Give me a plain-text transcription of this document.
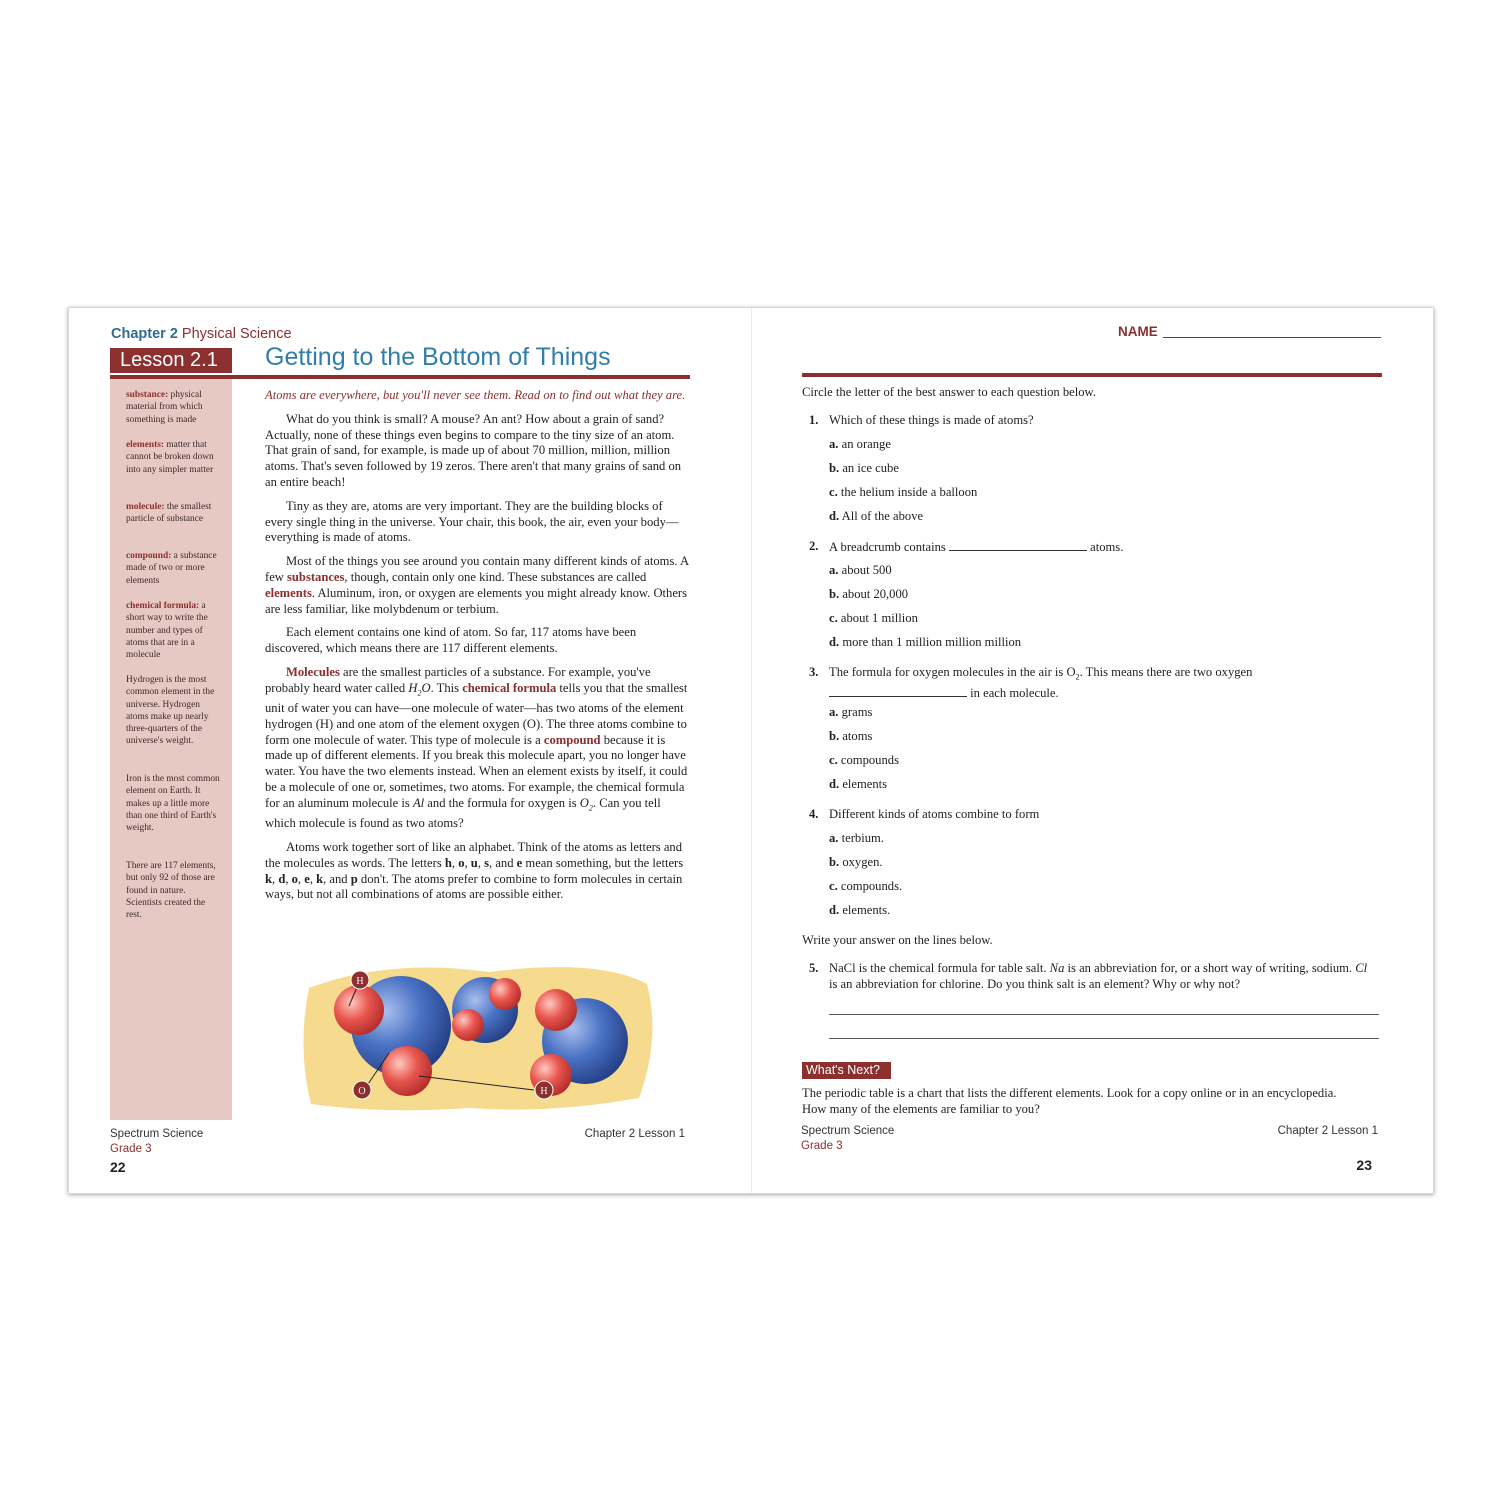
Chapter 2 Physical Science
Lesson 2.1	Getting to the Bottom of Things
substance: physical material from which something is made
elements: matter that cannot be broken down into any simpler matter
molecule: the smallest particle of substance
compound: a substance made of two or more elements
chemical formula: a short way to write the number and types of atoms that are in a molecule
Hydrogen is the most common element in the universe. Hydrogen atoms make up nearly three-quarters of the universe's weight.
Iron is the most common element on Earth. It makes up a little more than one third of Earth's weight.
There are 117 elements, but only 92 of those are found in nature. Scientists created the rest.

Atoms are everywhere, but you'll never see them. Read on to find out what they are.

What do you think is small? A mouse? An ant? How about a grain of sand? Actually, none of these things even begins to compare to the tiny size of an atom. That grain of sand, for example, is made up of about 70 million, million, million atoms. That's seven followed by 19 zeros. There aren't that many grains of sand on an entire beach!

Tiny as they are, atoms are very important. They are the building blocks of every single thing in the universe. Your chair, this book, the air, even your body—everything is made of atoms.

Most of the things you see around you contain many different kinds of atoms. A few substances, though, contain only one kind. These substances are called elements. Aluminum, iron, or oxygen are elements you might already know. Others are less familiar, like molybdenum or terbium.

Each element contains one kind of atom. So far, 117 atoms have been discovered, which means there are 117 different elements.

Molecules are the smallest particles of a substance. For example, you've probably heard water called $H_2O$. This chemical formula tells you that the smallest unit of water you can have—one molecule of water—has two atoms of the element hydrogen (H) and one atom of the element oxygen (O). The three atoms combine to form one molecule of water. This type of molecule is a compound because it is made up of different elements. If you break this molecule apart, you no longer have water. You have the two elements instead. When an element exists by itself, it could be a molecule of one or, sometimes, two atoms. For example, the chemical formula for an aluminum molecule is Al and the formula for oxygen is $O_2$. Can you tell which molecule is found as two atoms?

Atoms work together sort of like an alphabet. Think of the atoms as letters and the molecules as words. The letters h, o, u, s, and e mean something, but the letters k, d, o, e, k, and p don't. The atoms prefer to combine to form molecules in certain ways, but not all combinations of atoms are possible either.

H
O	H
Spectrum Science
Grade 3
22
Chapter 2 Lesson 1
NAME
Circle the letter of the best answer to each question below.
1. Which of these things is made of atoms?
a. an orange
b. an ice cube
c. the helium inside a balloon
d. All of the above
2. A breadcrumb contains	atoms.
a. about 500
b. about 20,000
c. about 1 million
d. more than 1 million million million
3. The formula for oxygen molecules in the air is $O_2$. This means there are two oxygen
in each molecule.
a. grams
b. atoms
c. compounds
d. elements
4. Different kinds of atoms combine to form
a. terbium.
b. oxygen.
c. compounds.
d. elements.
Write your answer on the lines below.
5. NaCl is the chemical formula for table salt. Na is an abbreviation for, or a short way of writing, sodium. Cl is an abbreviation for chlorine. Do you think salt is an element? Why or why not?
What's Next?
The periodic table is a chart that lists the different elements. Look for a copy online or in an encyclopedia. How many of the elements are familiar to you?
Spectrum Science
Grade 3
Chapter 2 Lesson 1
23
